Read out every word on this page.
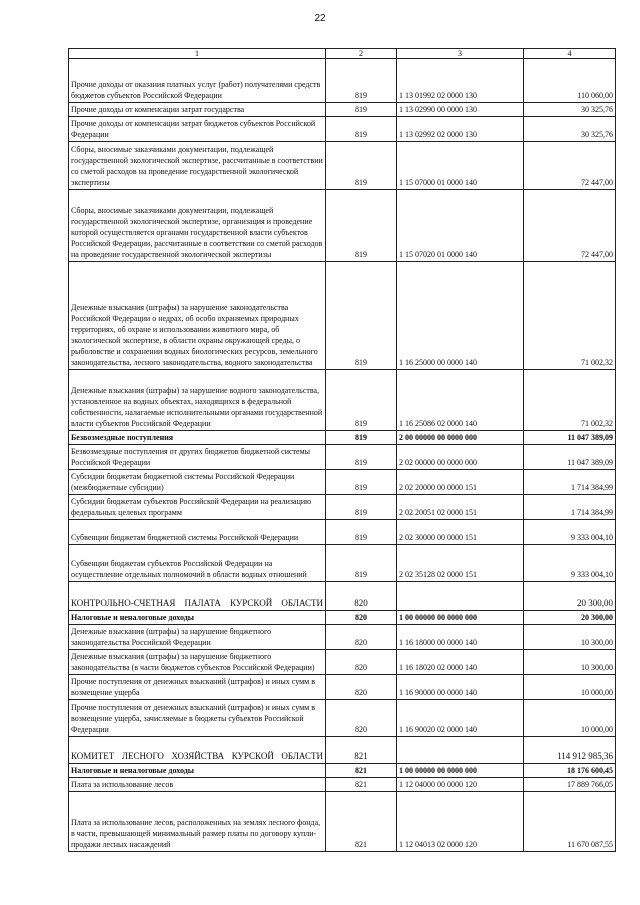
22
1	2	3	4
Прочие доходы от оказания платных услуг (работ) получателями средств бюджетов субъектов Российской Федерации	819	1 13 01992 02 0000 130	110 060,00
Прочие доходы от компенсации затрат государства	819	1 13 02990 00 0000 130	30 325,76
Прочие доходы от компенсации затрат бюджетов субъектов Российской Федерации	819	1 13 02992 02 0000 130	30 325,76
Сборы, вносимые заказчиками документации, подлежащей государственной экологической экспертизе, рассчитанные в соответствии со сметой расходов на проведение государственной экологической экспертизы	819	1 15 07000 01 0000 140	72 447,00
Сборы, вносимые заказчиками документации, подлежащей государственной экологической экспертизе, организация и проведение которой осуществляется органами государственной власти субъектов Российской Федерации, рассчитанные в соответствии со сметой расходов на проведение государственной экологической экспертизы	819	1 15 07020 01 0000 140	72 447,00
Денежные взыскания (штрафы) за нарушение законодательства Российской Федерации о недрах, об особо охраняемых природных территориях, об охране и использовании животного мира, об экологической экспертизе, в области охраны окружающей среды, о рыболовстве и сохранении водных биологических ресурсов, земельного законодательства, лесного законодательства, водного законодательства	819	1 16 25000 00 0000 140	71 002,32
Денежные взыскания (штрафы) за нарушение водного законодательства, установленное на водных объектах, находящихся в федеральной собственности, налагаемые исполнительными органами государственной власти субъектов Российской Федерации	819	1 16 25086 02 0000 140	71 002,32
Безвозмездные поступления	819	2 00 00000 00 0000 000	11 047 389,09
Безвозмездные поступления от других бюджетов бюджетной системы Российской Федерации	819	2 02 00000 00 0000 000	11 047 389,09
Субсидии бюджетам бюджетной системы Российской Федерации (межбюджетные субсидии)	819	2 02 20000 00 0000 151	1 714 384,99
Субсидии бюджетам субъектов Российской Федерации на реализацию федеральных целевых программ	819	2 02 20051 02 0000 151	1 714 384,99
Субвенции бюджетам бюджетной системы Российской Федерации	819	2 02 30000 00 0000 151	9 333 004,10
Субвенции бюджетам субъектов Российской Федерации на осуществление отдельных полномочий в области водных отношений	819	2 02 35128 02 0000 151	9 333 004,10
КОНТРОЛЬНО-СЧЕТНАЯ ПАЛАТА КУРСКОЙ ОБЛАСТИ	820		20 300,00
Налоговые и неналоговые доходы	820	1 00 00000 00 0000 000	20 300,00
Денежные взыскания (штрафы) за нарушение бюджетного законодательства Российской Федерации	820	1 16 18000 00 0000 140	10 300,00
Денежные взыскания (штрафы) за нарушение бюджетного законодательства (в части бюджетов субъектов Российской Федерации)	820	1 16 18020 02 0000 140	10 300,00
Прочие поступления от денежных взысканий (штрафов) и иных сумм в возмещение ущерба	820	1 16 90000 00 0000 140	10 000,00
Прочие поступления от денежных взысканий (штрафов) и иных сумм в возмещение ущерба, зачисляемые в бюджеты субъектов Российской Федерации	820	1 16 90020 02 0000 140	10 000,00
КОМИТЕТ ЛЕСНОГО ХОЗЯЙСТВА КУРСКОЙ ОБЛАСТИ	821		114 912 985,36
Налоговые и неналоговые доходы	821	1 00 00000 00 0000 000	18 176 600,45
Плата за использование лесов	821	1 12 04000 00 0000 120	17 889 766,05
Плата за использование лесов, расположенных на землях лесного фонда, в части, превышающей минимальный размер платы по договору купли-продажи лесных насаждений	821	1 12 04013 02 0000 120	11 670 087,55
